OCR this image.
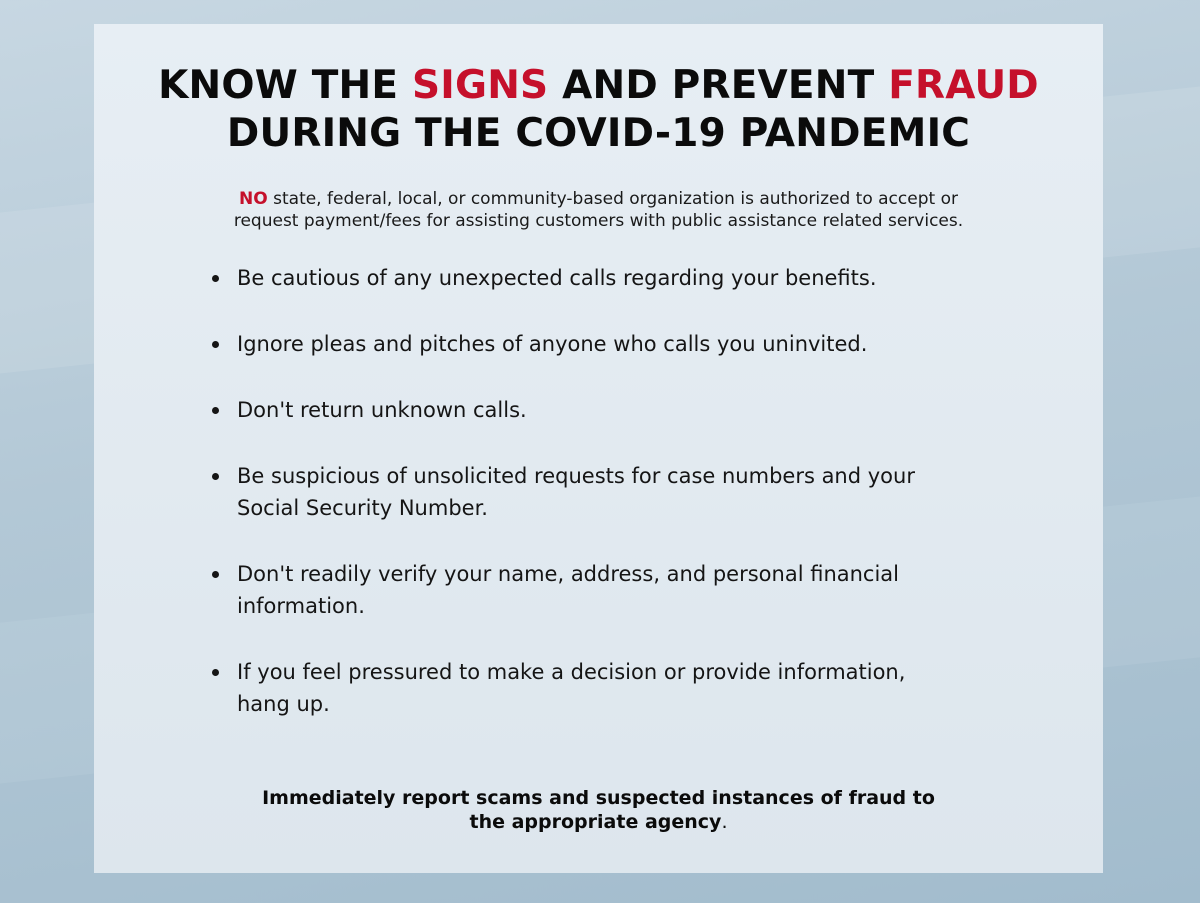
KNOW THE SIGNS AND PREVENT FRAUD
DURING THE COVID-19 PANDEMIC
NO state, federal, local, or community-based organization is authorized to accept or
request payment/fees for assisting customers with public assistance related services.
Be cautious of any unexpected calls regarding your benefits.
Ignore pleas and pitches of anyone who calls you uninvited.
Don't return unknown calls.
Be suspicious of unsolicited requests for case numbers and your
Social Security Number.
Don't readily verify your name, address, and personal financial
information.
If you feel pressured to make a decision or provide information,
hang up.
Immediately report scams and suspected instances of fraud to
the appropriate agency.
